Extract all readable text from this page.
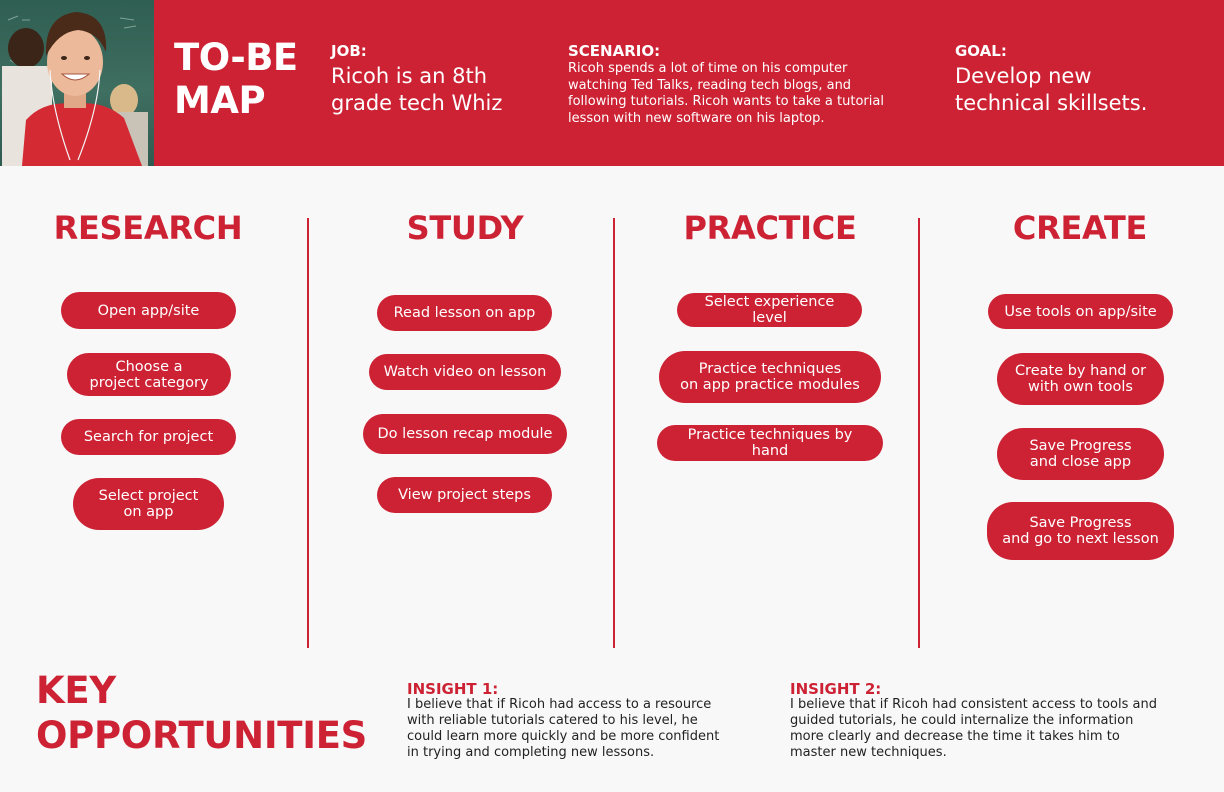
TO-BE
MAP
JOB:
Ricoh is an 8th grade tech Whiz
SCENARIO:
Ricoh spends a lot of time on his computer watching Ted Talks, reading tech blogs, and following tutorials. Ricoh wants to take a tutorial lesson with new software on his laptop.
GOAL:
Develop new technical skillsets.
RESEARCH	STUDY	PRACTICE	CREATE
Open app/site
Choose a
project category
Search for project
Select project
on app
Read lesson on app
Watch video on lesson
Do lesson recap module
View project steps
Select experience level
Practice techniques
on app practice modules
Practice techniques by hand
Use tools on app/site
Create by hand or
with own tools
Save Progress
and close app
Save Progress
and go to next lesson
KEY
OPPORTUNITIES
INSIGHT 1:
I believe that if Ricoh had access to a resource with reliable tutorials catered to his level, he could learn more quickly and be more confident in trying and completing new lessons.
INSIGHT 2:
I believe that if Ricoh had consistent access to tools and guided tutorials, he could internalize the information more clearly and decrease the time it takes him to master new techniques.
